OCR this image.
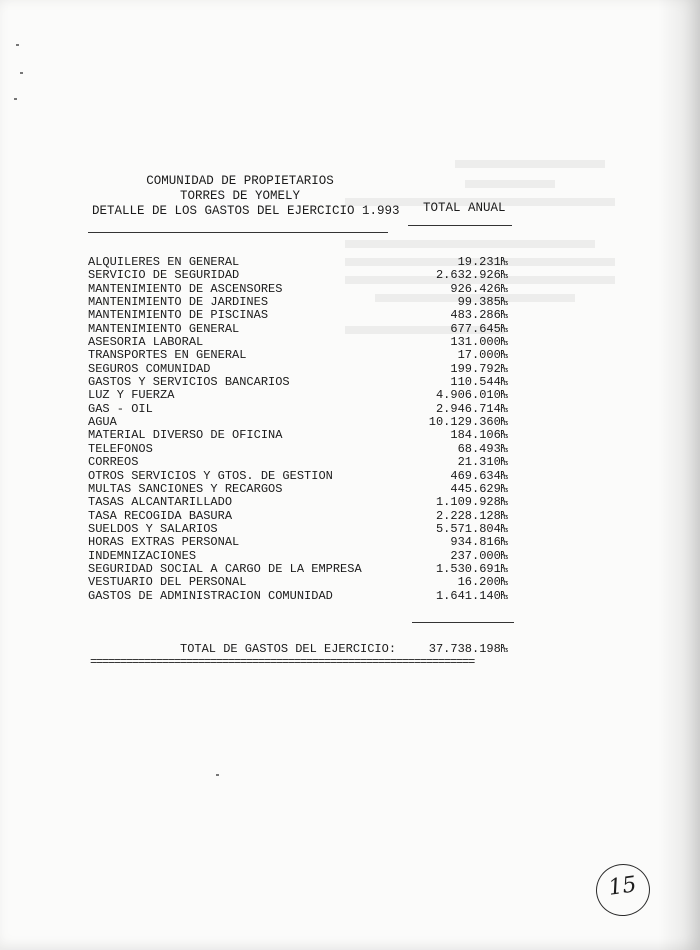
COMUNIDAD DE PROPIETARIOS
TORRES DE YOMELY
DETALLE DE LOS GASTOS DEL EJERCICIO 1.993 TOTAL ANUAL
ALQUILERES EN GENERAL	19.231₧
SERVICIO DE SEGURIDAD	2.632.926₧
MANTENIMIENTO DE ASCENSORES	926.426₧
MANTENIMIENTO DE JARDINES	99.385₧
MANTENIMIENTO DE PISCINAS	483.286₧
MANTENIMIENTO GENERAL	677.645₧
ASESORIA LABORAL	131.000₧
TRANSPORTES EN GENERAL	17.000₧
SEGUROS COMUNIDAD	199.792₧
GASTOS Y SERVICIOS BANCARIOS	110.544₧
LUZ Y FUERZA	4.906.010₧
GAS - OIL	2.946.714₧
AGUA	10.129.360₧
MATERIAL DIVERSO DE OFICINA	184.106₧
TELEFONOS	68.493₧
CORREOS	21.310₧
OTROS SERVICIOS Y GTOS. DE GESTION	469.634₧
MULTAS SANCIONES Y RECARGOS	445.629₧
TASAS ALCANTARILLADO	1.109.928₧
TASA RECOGIDA BASURA	2.228.128₧
SUELDOS Y SALARIOS	5.571.804₧
HORAS EXTRAS PERSONAL	934.816₧
INDEMNIZACIONES	237.000₧
SEGURIDAD SOCIAL A CARGO DE LA EMPRESA	1.530.691₧
VESTUARIO DEL PERSONAL	16.200₧
GASTOS DE ADMINISTRACION COMUNIDAD	1.641.140₧
TOTAL DE GASTOS DEL EJERCICIO:	37.738.198₧
================================================================
15
